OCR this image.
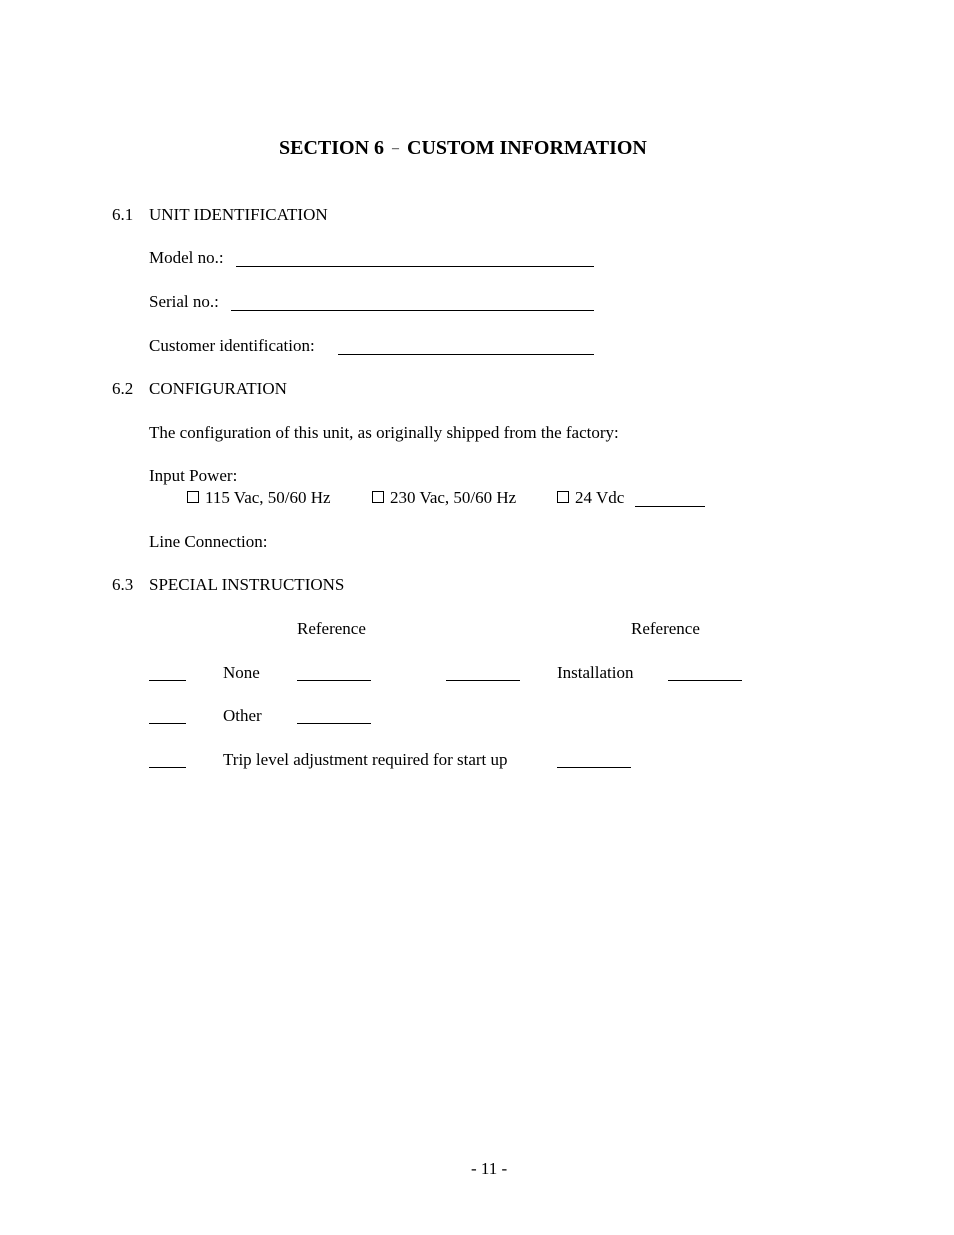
SECTION 6 – CUSTOM INFORMATION
6.1 UNIT IDENTIFICATION
Model no.:
Serial no.:
Customer identification:
6.2 CONFIGURATION
The configuration of this unit, as originally shipped from the factory:
Input Power:
115 Vac, 50/60 Hz	230 Vac, 50/60 Hz	24 Vdc
Line Connection:
6.3 SPECIAL INSTRUCTIONS
Reference	Reference
None	Installation
Other
Trip level adjustment required for start up
- 11 -
